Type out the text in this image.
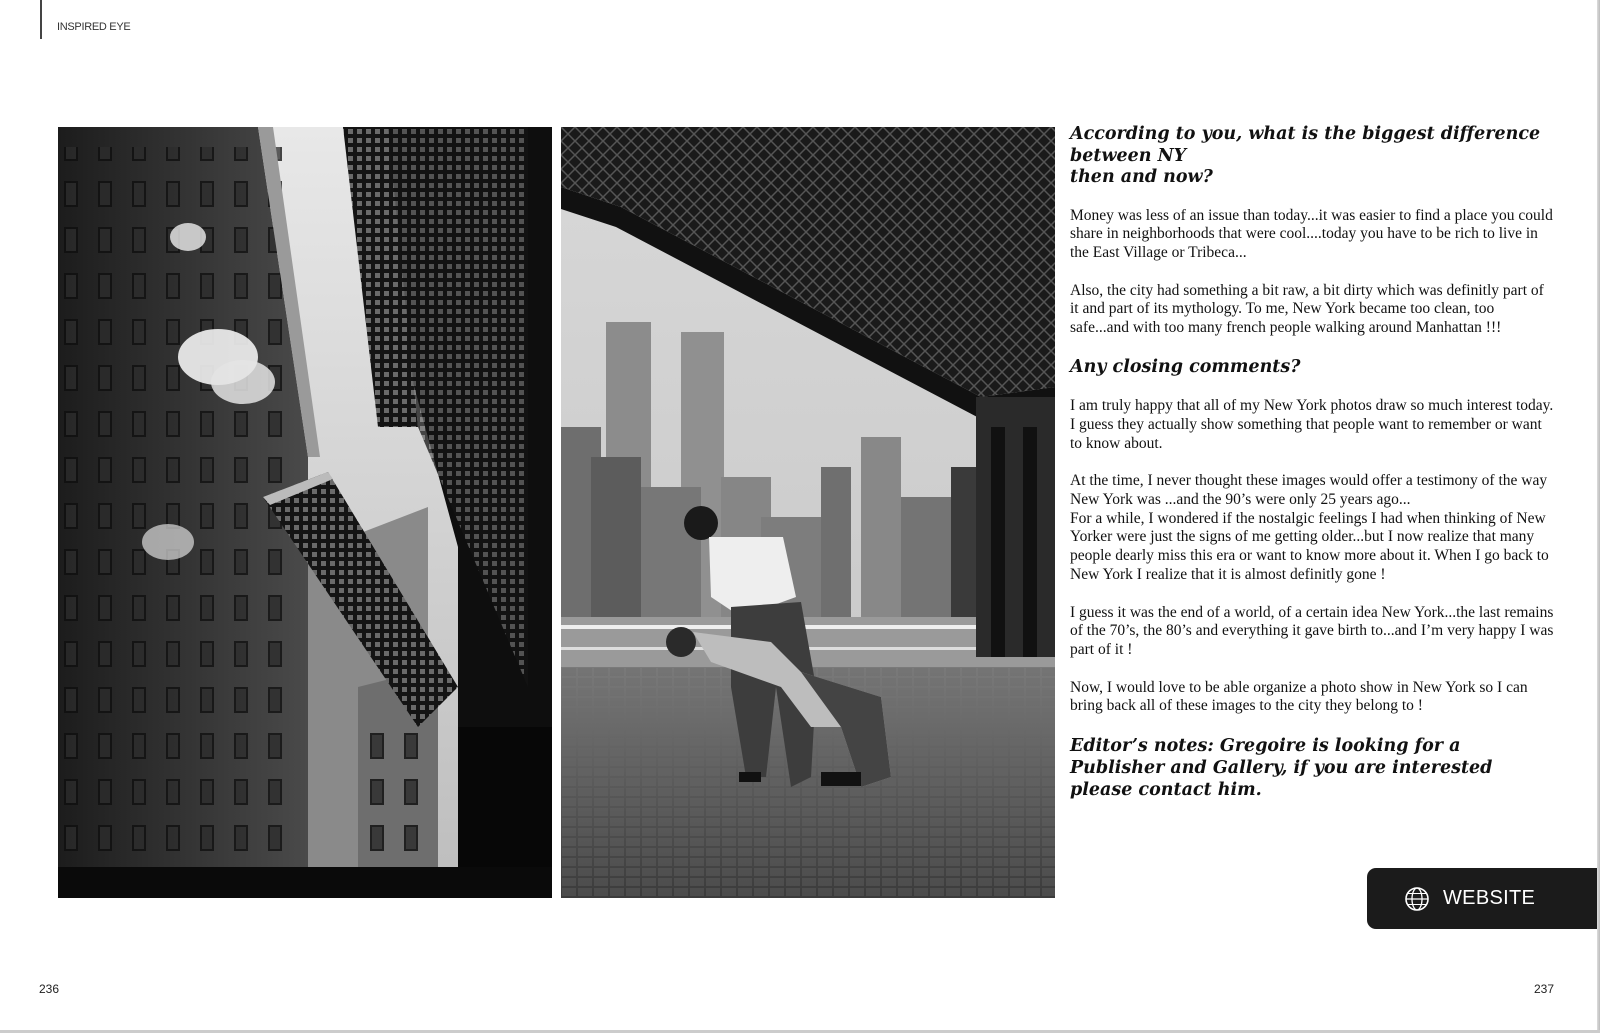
INSPIRED EYE

According to you, what is the biggest difference between NY
then and now?

Money was less of an issue than today...it was easier to find a place you could share in neighborhoods that were cool....today you have to be rich to live in the East Village or Tribeca...

Also, the city had something a bit raw, a bit dirty which was definitly part of it and part of its mythology. To me, New York became too clean, too safe...and with too many french people walking around Manhattan !!!

Any closing comments?

I am truly happy that all of my New York photos draw so much interest today. I guess they actually show something that people want to remember or want to know about.

At the time, I never thought these images would offer a testimony of the way New York was ...and the 90’s were only 25 years ago...
For a while, I wondered if the nostalgic feelings I had when thinking of New Yorker were just the signs of me getting older...but I now realize that many people dearly miss this era or want to know more about it. When I go back to New York I realize that it is almost definitly gone !

I guess it was the end of a world, of a certain idea New York...the last remains of the 70’s, the 80’s and everything it gave birth to...and I’m very happy I was part of it !

Now, I would love to be able organize a photo show in New York so I can bring back all of these images to the city they belong to !

Editor’s notes: Gregoire is looking for a Publisher and Gallery, if you are interested please contact him.

WEBSITE
236	237
